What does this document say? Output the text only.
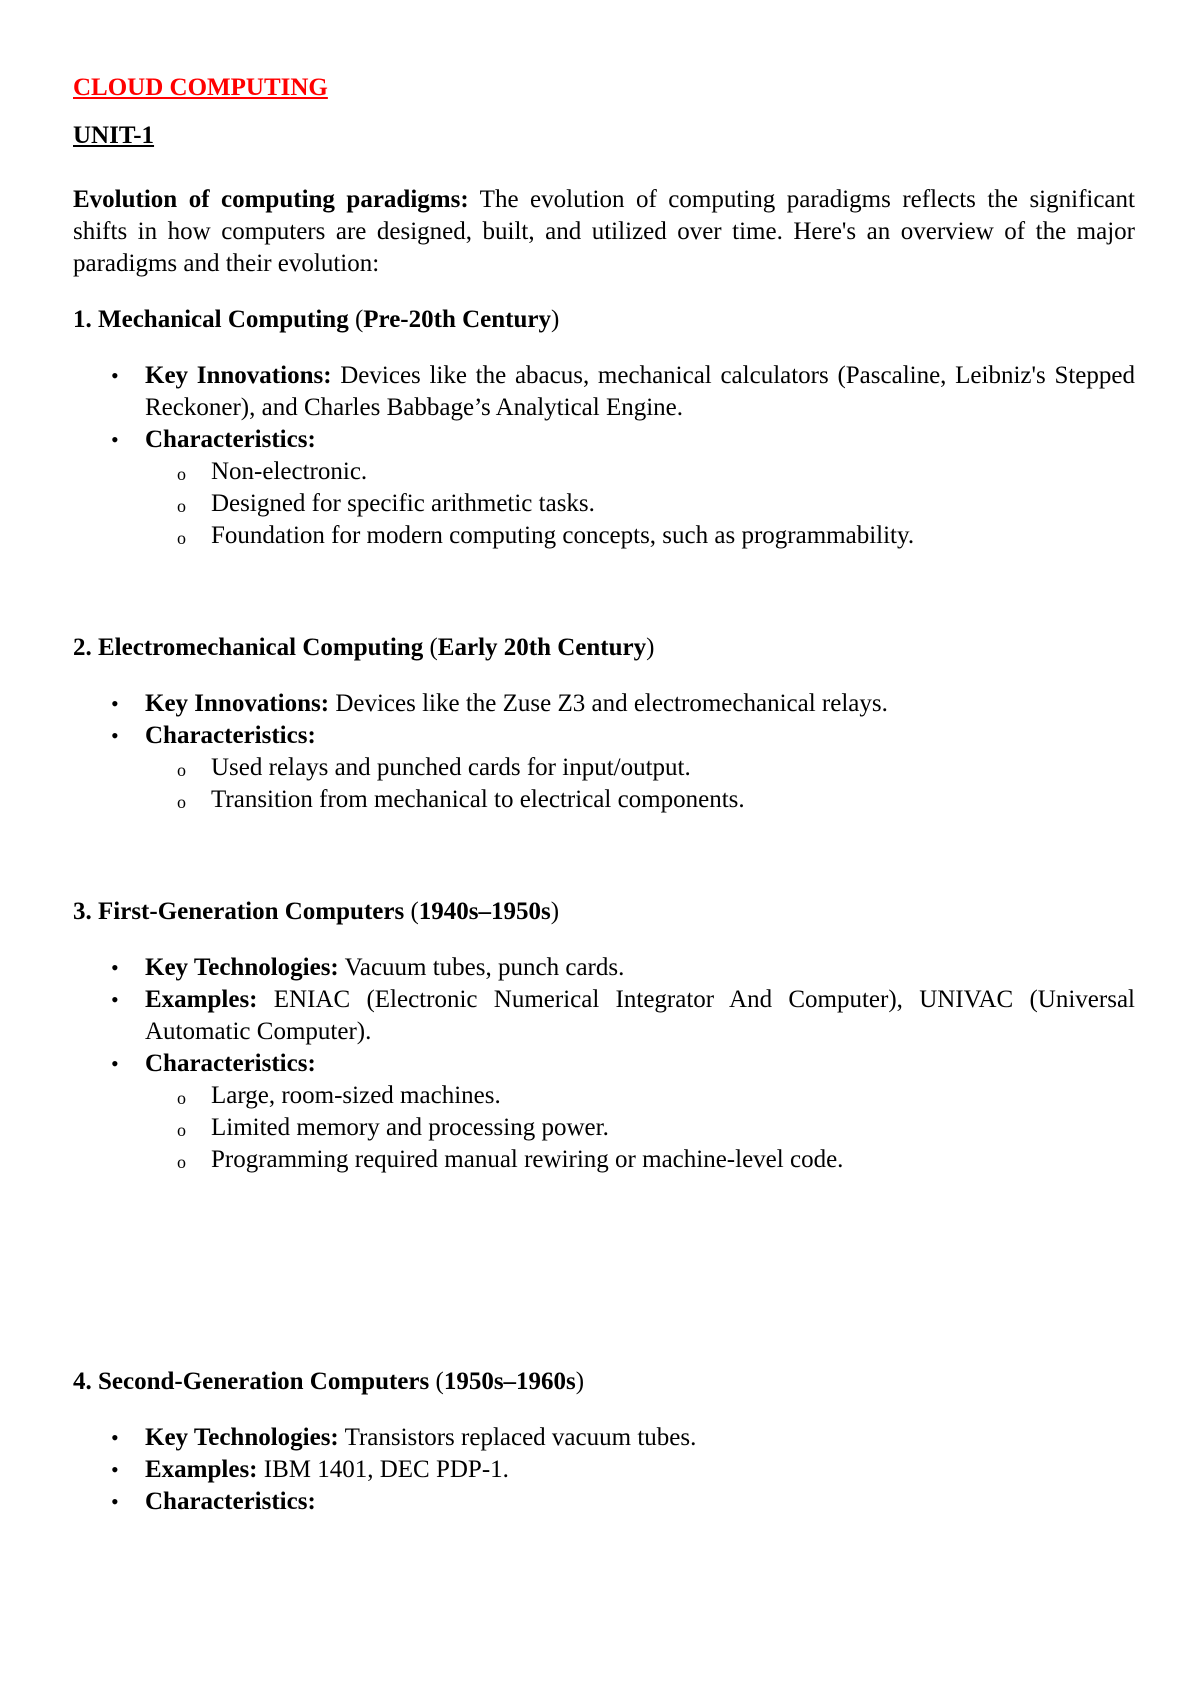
CLOUD COMPUTING

UNIT-1

Evolution of computing paradigms: The evolution of computing paradigms reflects the significant shifts in how computers are designed, built, and utilized over time. Here's an overview of the major paradigms and their evolution:

1. Mechanical Computing (Pre-20th Century)

• Key Innovations: Devices like the abacus, mechanical calculators (Pascaline, Leibniz's Stepped Reckoner), and Charles Babbage’s Analytical Engine.
• Characteristics:
o Non-electronic.
o Designed for specific arithmetic tasks.
o Foundation for modern computing concepts, such as programmability.

2. Electromechanical Computing (Early 20th Century)

• Key Innovations: Devices like the Zuse Z3 and electromechanical relays.
• Characteristics:
o Used relays and punched cards for input/output.
o Transition from mechanical to electrical components.

3. First-Generation Computers (1940s–1950s)

• Key Technologies: Vacuum tubes, punch cards.
• Examples: ENIAC (Electronic Numerical Integrator And Computer), UNIVAC (Universal Automatic Computer).
• Characteristics:
o Large, room-sized machines.
o Limited memory and processing power.
o Programming required manual rewiring or machine-level code.

4. Second-Generation Computers (1950s–1960s)

• Key Technologies: Transistors replaced vacuum tubes.
• Examples: IBM 1401, DEC PDP-1.
• Characteristics:
